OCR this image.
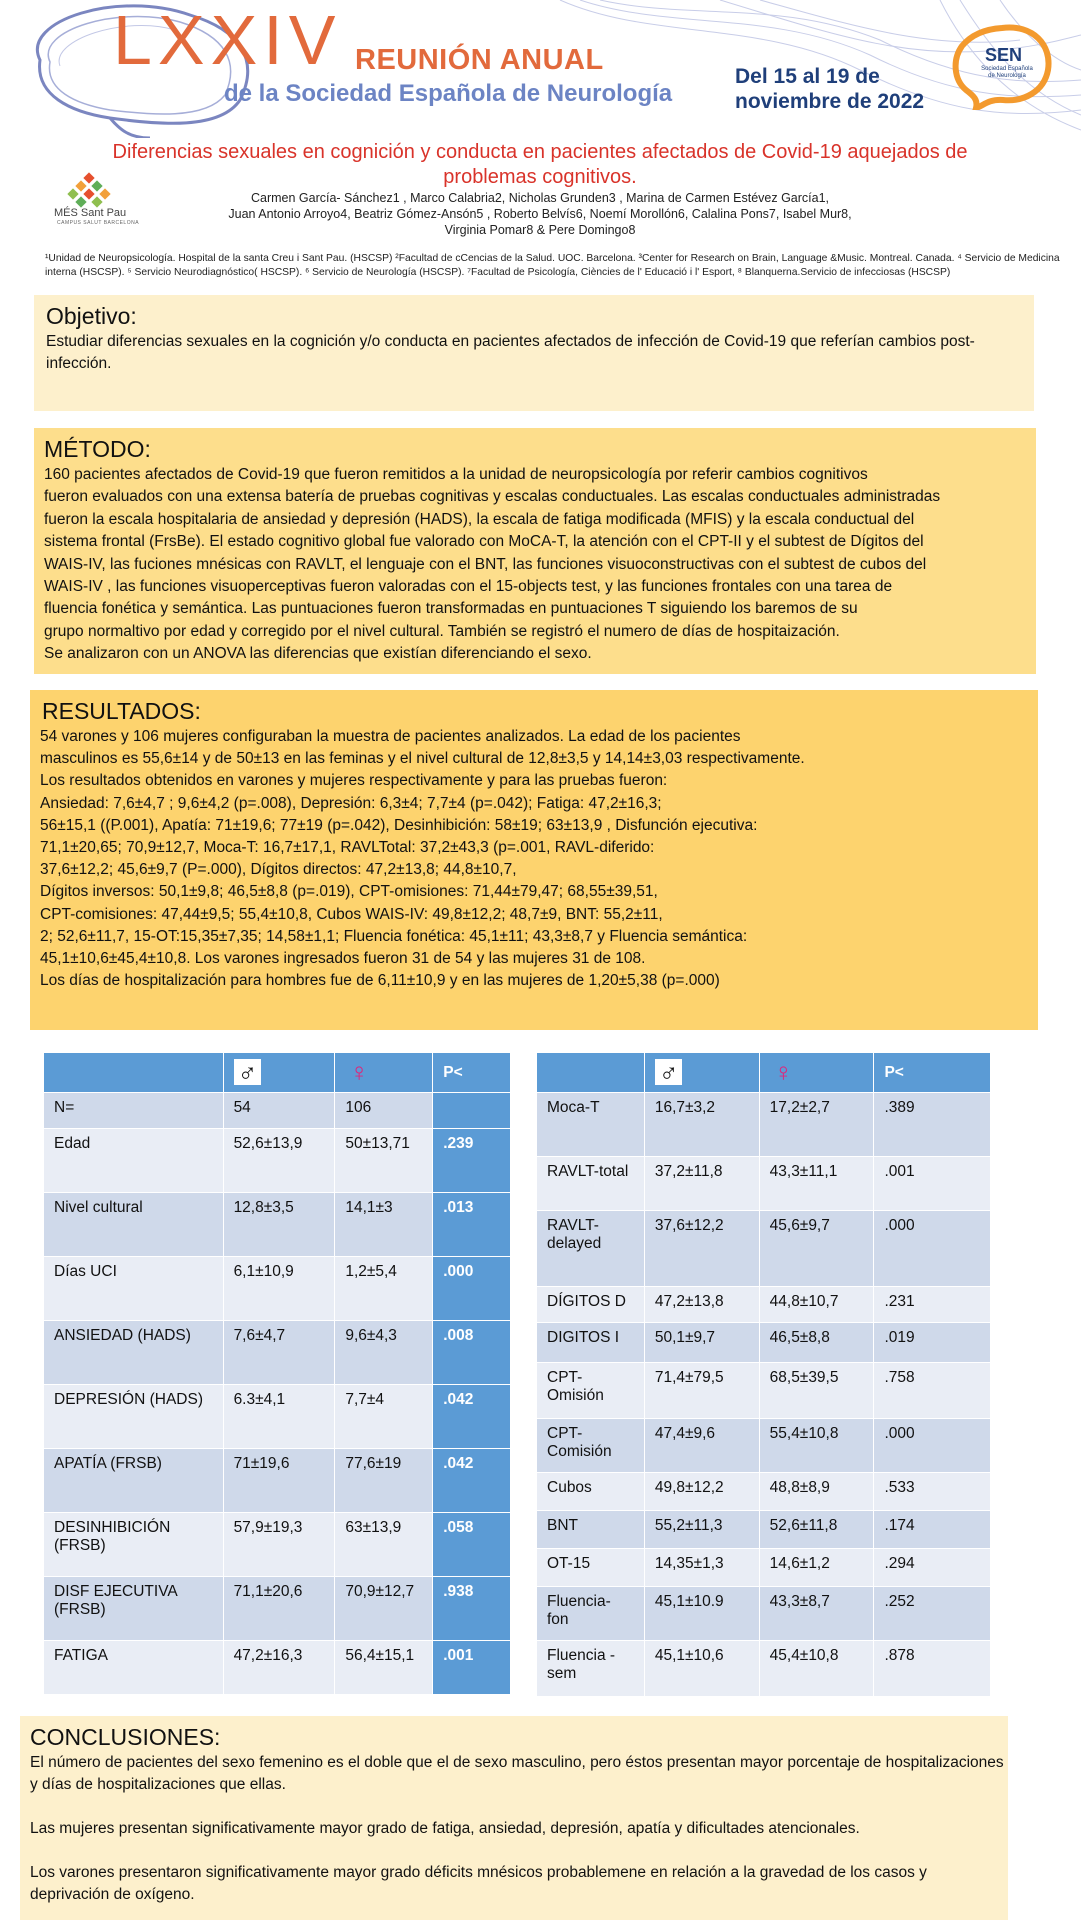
LXXIV REUNIÓN ANUAL
de la Sociedad Española de Neurología
Del 15 al 19 de
noviembre de 2022
SEN
Sociedad Española de Neurología
Diferencias sexuales en cognición y conducta en pacientes afectados de Covid-19 aquejados de problemas cognitivos.
MÉS Sant Pau
CAMPUS SALUT BARCELONA
Carmen García- Sánchez1 , Marco Calabria2, Nicholas Grunden3 , Marina de Carmen Estévez García1,
Juan Antonio Arroyo4, Beatriz Gómez-Ansón5 , Roberto Belvís6, Noemí Morollón6, Calalina Pons7, Isabel Mur8,
Virginia Pomar8 & Pere Domingo8
¹Unidad de Neuropsicología. Hospital de la santa Creu i Sant Pau. (HSCSP) ²Facultad de cCencias de la Salud. UOC. Barcelona. ³Center for Research on Brain, Language &Music. Montreal. Canada. ⁴ Servicio de Medicina interna (HSCSP). ⁵ Servicio Neurodiagnóstico( HSCSP). ⁶ Servicio de Neurología (HSCSP). ⁷Facultad de Psicología, Ciències de l' Educació i l' Esport, ⁸ Blanquerna.Servicio de infecciosas (HSCSP)
Objetivo:

Estudiar diferencias sexuales en la cognición y/o conducta en pacientes afectados de infección de Covid-19 que referían cambios post-infección.

MÉTODO:

160 pacientes afectados de Covid-19 que fueron remitidos a la unidad de neuropsicología por referir cambios cognitivos

fueron evaluados con una extensa batería de pruebas cognitivas y escalas conductuales. Las escalas conductuales administradas

fueron la escala hospitalaria de ansiedad y depresión (HADS), la escala de fatiga modificada (MFIS) y la escala conductual del

sistema frontal (FrsBe). El estado cognitivo global fue valorado con MoCA-T, la atención con el CPT-II y el subtest de Dígitos del

WAIS-IV, las fuciones mnésicas con RAVLT, el lenguaje con el BNT, las funciones visuoconstructivas con el subtest de cubos del

WAIS-IV , las funciones visuoperceptivas fueron valoradas con el 15-objects test, y las funciones frontales con una tarea de

fluencia fonética y semántica. Las puntuaciones fueron transformadas en puntuaciones T siguiendo los baremos de su

grupo normaltivo por edad y corregido por el nivel cultural. También se registró el numero de días de hospitaización.

Se analizaron con un ANOVA las diferencias que existían diferenciando el sexo.

RESULTADOS:

54 varones y 106 mujeres configuraban la muestra de pacientes analizados. La edad de los pacientes

masculinos es 55,6±14 y de 50±13 en las feminas y el nivel cultural de 12,8±3,5 y 14,14±3,03 respectivamente.

Los resultados obtenidos en varones y mujeres respectivamente y para las pruebas fueron:

Ansiedad: 7,6±4,7 ; 9,6±4,2 (p=.008), Depresión: 6,3±4; 7,7±4 (p=.042); Fatiga: 47,2±16,3;

56±15,1 ((P.001), Apatía: 71±19,6; 77±19 (p=.042), Desinhibición: 58±19; 63±13,9 , Disfunción ejecutiva:

71,1±20,65; 70,9±12,7, Moca-T: 16,7±17,1, RAVLTotal: 37,2±43,3 (p=.001, RAVL-diferido:

37,6±12,2; 45,6±9,7 (P=.000), Dígitos directos: 47,2±13,8; 44,8±10,7,

Dígitos inversos: 50,1±9,8; 46,5±8,8 (p=.019), CPT-omisiones: 71,44±79,47; 68,55±39,51,

CPT-comisiones: 47,44±9,5; 55,4±10,8, Cubos WAIS-IV: 49,8±12,2; 48,7±9, BNT: 55,2±11,

2; 52,6±11,7, 15-OT:15,35±7,35; 14,58±1,1; Fluencia fonética: 45,1±11; 43,3±8,7 y Fluencia semántica:

45,1±10,6±45,4±10,8. Los varones ingresados fueron 31 de 54 y las mujeres 31 de 108.

Los días de hospitalización para hombres fue de 6,11±10,9 y en las mujeres de 1,20±5,38 (p=.000)

	♂	♀	P<
N=	54	106	
Edad	52,6±13,9	50±13,71	.239
Nivel cultural	12,8±3,5	14,1±3	.013
Días UCI	6,1±10,9	1,2±5,4	.000
ANSIEDAD (HADS)	7,6±4,7	9,6±4,3	.008
DEPRESIÓN (HADS)	6.3±4,1	7,7±4	.042
APATÍA (FRSB)	71±19,6	77,6±19	.042
DESINHIBICIÓN (FRSB)	57,9±19,3	63±13,9	.058
DISF EJECUTIVA (FRSB)	71,1±20,6	70,9±12,7	.938
FATIGA	47,2±16,3	56,4±15,1	.001
	♂	♀	P<
Moca-T	16,7±3,2	17,2±2,7	.389
RAVLT-total	37,2±11,8	43,3±11,1	.001
RAVLT- delayed	37,6±12,2	45,6±9,7	.000
DÍGITOS D	47,2±13,8	44,8±10,7	.231
DIGITOS I	50,1±9,7	46,5±8,8	.019
CPT- Omisión	71,4±79,5	68,5±39,5	.758
CPT- Comisión	47,4±9,6	55,4±10,8	.000
Cubos	49,8±12,2	48,8±8,9	.533
BNT	55,2±11,3	52,6±11,8	.174
OT-15	14,35±1,3	14,6±1,2	.294
Fluencia- fon	45,1±10.9	43,3±8,7	.252
Fluencia - sem	45,1±10,6	45,4±10,8	.878
CONCLUSIONES:

El número de pacientes del sexo femenino es el doble que el de sexo masculino, pero éstos presentan mayor porcentaje de hospitalizaciones y días de hospitalizaciones que ellas.

Las mujeres presentan significativamente mayor grado de fatiga, ansiedad, depresión, apatía y dificultades atencionales.

Los varones presentaron significativamente mayor grado déficits mnésicos probablemene en relación a la gravedad de los casos y deprivación de oxígeno.
